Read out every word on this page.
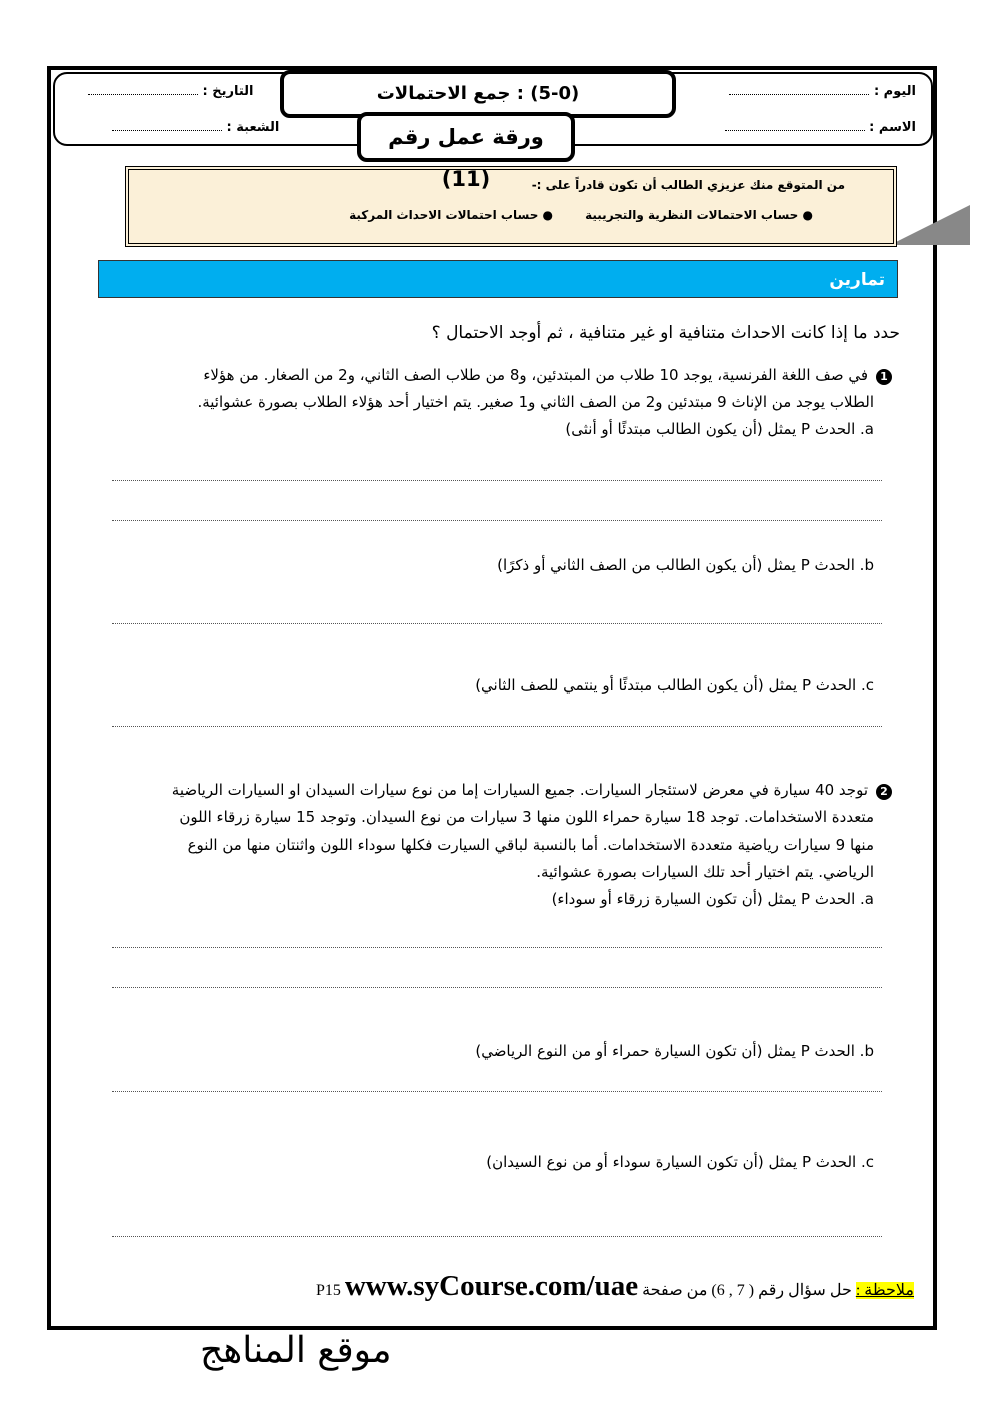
اليوم :
الاسم :
التاريخ :
الشعبة :
(5-0) : جمع الاحتمالات
ورقة عمل رقم (11)	من المتوقع منك عزيزي الطالب أن تكون قادراً على :-
● حساب الاحتمالات النظرية والتجريبية
● حساب احتمالات الاحداث المركبة
تمارين
حدد ما إذا كانت الاحداث متنافية او غير متنافية ، ثم أوجد الاحتمال ؟
1في صف اللغة الفرنسية، يوجد 10 طلاب من المبتدئين، و8 من طلاب الصف الثاني، و2 من الصغار. من هؤلاء
الطلاب يوجد من الإناث 9 مبتدئين و2 من الصف الثاني و1 صغير. يتم اختيار أحد هؤلاء الطلاب بصورة عشوائية.
a. الحدث P يمثل (أن يكون الطالب مبتدئًا أو أنثى)
b. الحدث P يمثل (أن يكون الطالب من الصف الثاني أو ذكرًا)
c. الحدث P يمثل (أن يكون الطالب مبتدئًا أو ينتمي للصف الثاني)
2توجد 40 سيارة في معرض لاستئجار السيارات. جميع السيارات إما من نوع سيارات السيدان او السيارات الرياضية
متعددة الاستخدامات. توجد 18 سيارة حمراء اللون منها 3 سيارات من نوع السيدان. وتوجد 15 سيارة زرقاء اللون
منها 9 سيارات رياضية متعددة الاستخدامات. أما بالنسبة لباقي السيارت فكلها سوداء اللون واثنتان منها من النوع
الرياضي. يتم اختيار أحد تلك السيارات بصورة عشوائية.
a. الحدث P يمثل (أن تكون السيارة زرقاء أو سوداء)
b. الحدث P يمثل (أن تكون السيارة حمراء أو من النوع الرياضي)
c. الحدث P يمثل (أن تكون السيارة سوداء أو من نوع السيدان)
ملاحظة : حل سؤال رقم ( 7 , 6) من صفحة P15 www.syCourse.com/uae
موقع المناهج
